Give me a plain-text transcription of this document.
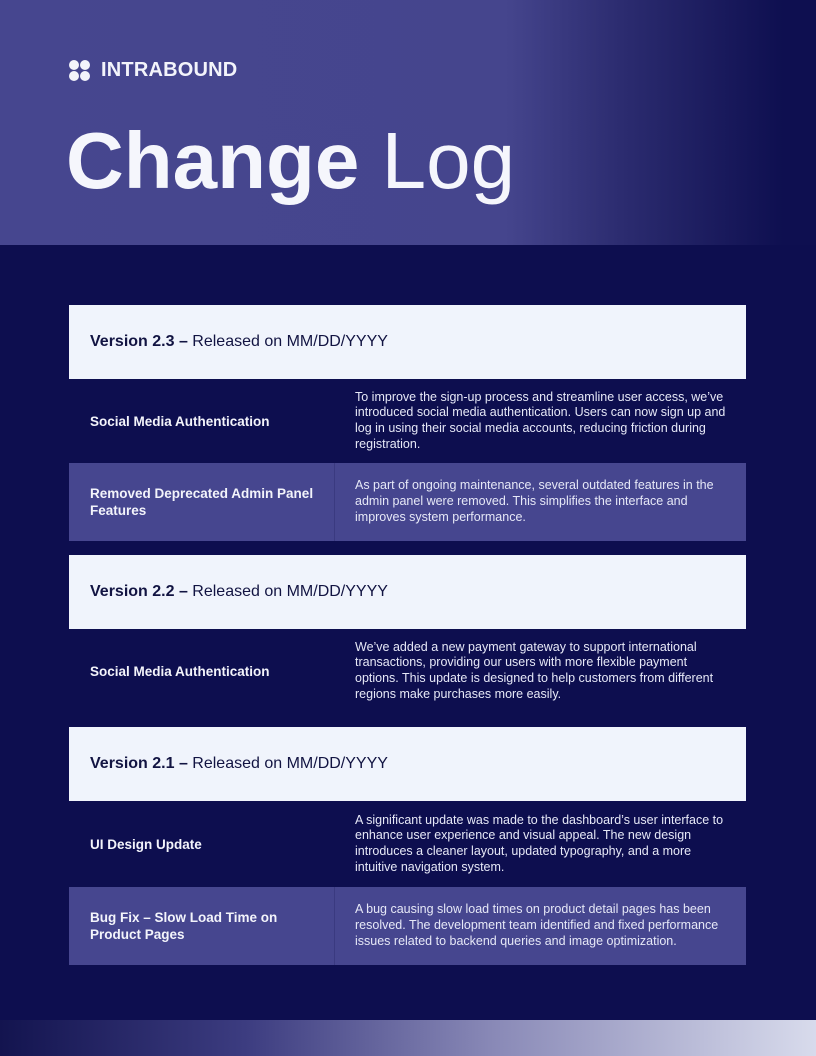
INTRABOUND
Change Log
Version 2.3 –
Released on MM/DD/YYYY
Social Media Authentication
To improve the sign-up process and streamline user access, we’ve introduced social media authentication. Users can now sign up and log in using their social media accounts, reducing friction during registration.
Removed Deprecated Admin Panel Features
As part of ongoing maintenance, several outdated features in the admin panel were removed. This simplifies the interface and improves system performance.
Version 2.2 –
Released on MM/DD/YYYY
Social Media Authentication
We’ve added a new payment gateway to support international transactions, providing our users with more flexible payment options. This update is designed to help customers from different regions make purchases more easily.
Version 2.1 –
Released on MM/DD/YYYY
UI Design Update
A significant update was made to the dashboard’s user interface to enhance user experience and visual appeal. The new design introduces a cleaner layout, updated typography, and a more intuitive navigation system.
Bug Fix – Slow Load Time on Product Pages
A bug causing slow load times on product detail pages has been resolved. The development team identified and fixed performance issues related to backend queries and image optimization.
